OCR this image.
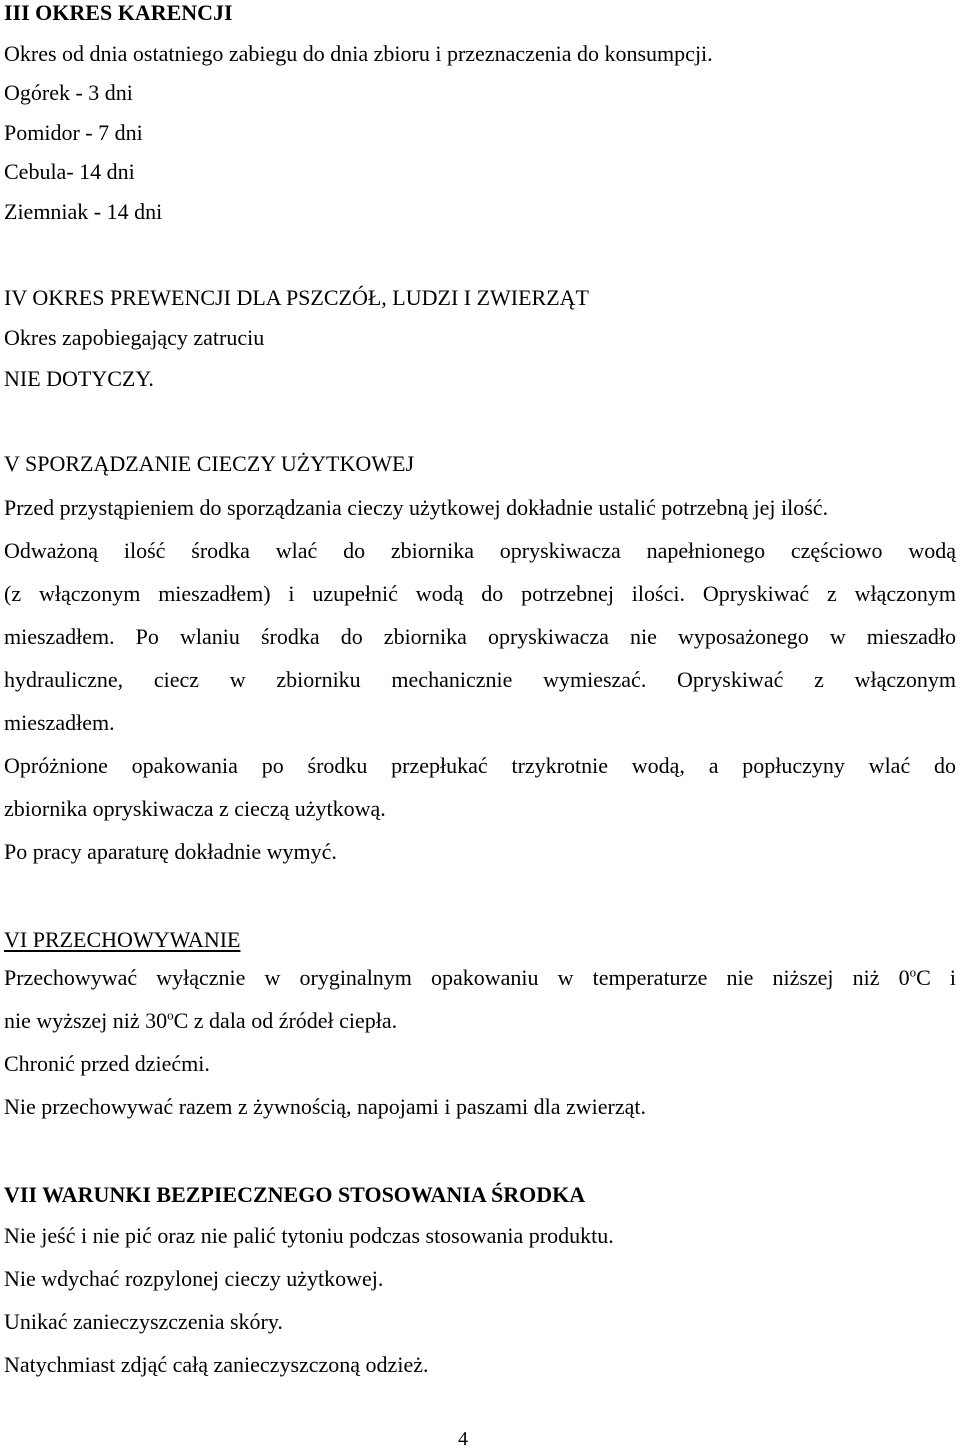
III OKRES KARENCJI
Okres od dnia ostatniego zabiegu do dnia zbioru i przeznaczenia do konsumpcji.
Ogórek - 3 dni
Pomidor - 7 dni
Cebula- 14 dni
Ziemniak - 14 dni
IV OKRES PREWENCJI DLA PSZCZÓŁ, LUDZI I ZWIERZĄT
Okres zapobiegający zatruciu
NIE DOTYCZY.
V SPORZĄDZANIE CIECZY UŻYTKOWEJ
Przed przystąpieniem do sporządzania cieczy użytkowej dokładnie ustalić potrzebną jej ilość.
Odważoną ilość środka wlać do zbiornika opryskiwacza napełnionego częściowo wodą
(z włączonym mieszadłem) i uzupełnić wodą do potrzebnej ilości. Opryskiwać z włączonym
mieszadłem. Po wlaniu środka do zbiornika opryskiwacza nie wyposażonego w mieszadło
hydrauliczne, ciecz w zbiorniku mechanicznie wymieszać. Opryskiwać z włączonym
mieszadłem.
Opróżnione opakowania po środku przepłukać trzykrotnie wodą, a popłuczyny wlać do
zbiornika opryskiwacza z cieczą użytkową.
Po pracy aparaturę dokładnie wymyć.
VI PRZECHOWYWANIE
Przechowywać wyłącznie w oryginalnym opakowaniu w temperaturze nie niższej niż 0$^o$C i
nie wyższej niż 30$^o$C z dala od źródeł ciepła.
Chronić przed dziećmi.
Nie przechowywać razem z żywnością, napojami i paszami dla zwierząt.
VII WARUNKI BEZPIECZNEGO STOSOWANIA ŚRODKA
Nie jeść i nie pić oraz nie palić tytoniu podczas stosowania produktu.
Nie wdychać rozpylonej cieczy użytkowej.
Unikać zanieczyszczenia skóry.
Natychmiast zdjąć całą zanieczyszczoną odzież.
4
